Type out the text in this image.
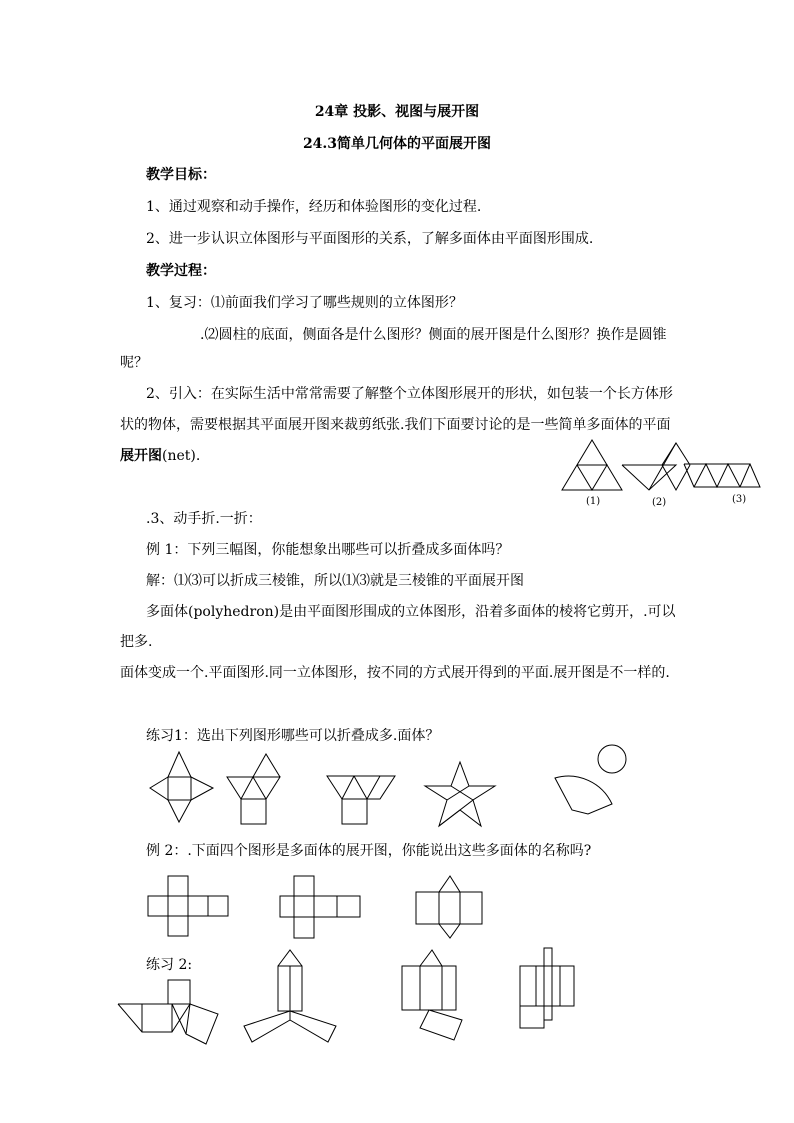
24章 投影、视图与展开图
24.3简单几何体的平面展开图
教学目标：
1、通过观察和动手操作，经历和体验图形的变化过程.
2、进一步认识立体图形与平面图形的关系，了解多面体由平面图形围成.
教学过程：
1、复习：⑴前面我们学习了哪些规则的立体图形？
.⑵圆柱的底面，侧面各是什么图形？侧面的展开图是什么图形？换作是圆锥
呢？
2、引入：在实际生活中常常需要了解整个立体图形展开的形状，如包装一个长方体形
状的物体，需要根据其平面展开图来裁剪纸张.我们下面要讨论的是一些简单多面体的平面
展开图(net).
(1)	(2)	(3)
.3、动手折.一折：
例 1：下列三幅图，你能想象出哪些可以折叠成多面体吗？
解：⑴⑶可以折成三棱锥，所以⑴⑶就是三棱锥的平面展开图
多面体(polyhedron)是由平面图形围成的立体图形，沿着多面体的棱将它剪开，.可以
把多.
面体变成一个.平面图形.同一立体图形，按不同的方式展开得到的平面.展开图是不一样的.
练习1：选出下列图形哪些可以折叠成多.面体？
例 2：.下面四个图形是多面体的展开图，你能说出这些多面体的名称吗?
练习 2:
